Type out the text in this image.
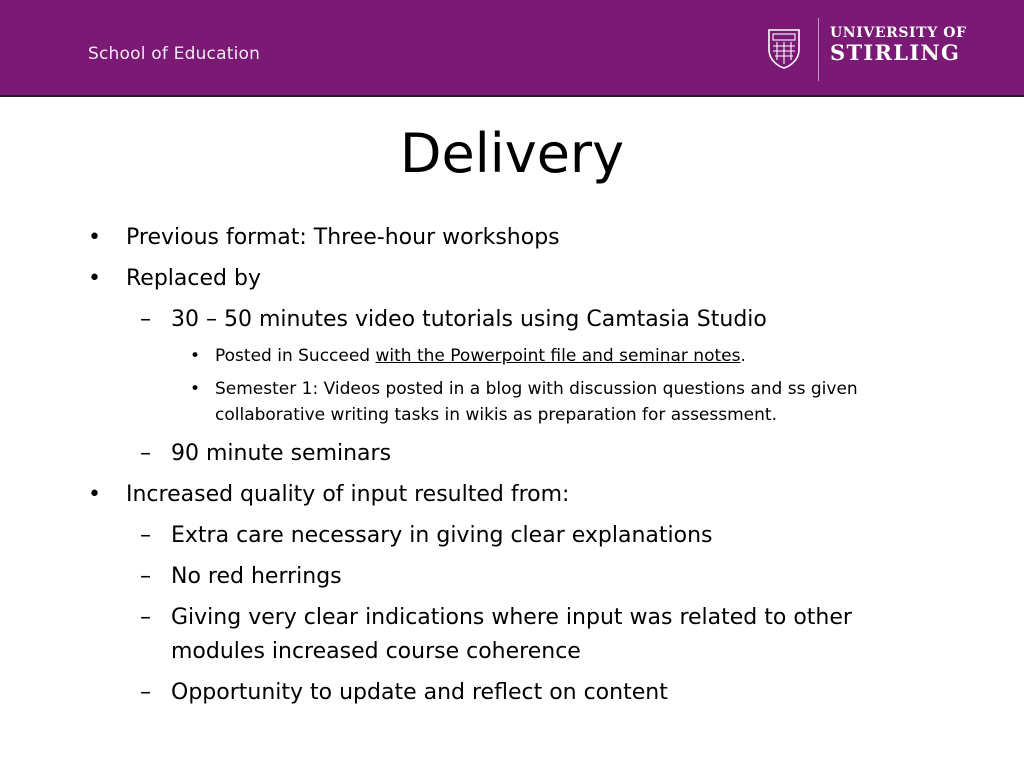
School of Education
UNIVERSITY OF
STIRLING
Delivery
• Previous format: Three-hour workshops
• Replaced by
– 30 – 50 minutes video tutorials using Camtasia Studio
• Posted in Succeed with the Powerpoint file and seminar notes.
• Semester 1: Videos posted in a blog with discussion questions and ss given collaborative writing tasks in wikis as preparation for assessment.
– 90 minute seminars
• Increased quality of input resulted from:
– Extra care necessary in giving clear explanations
– No red herrings
– Giving very clear indications where input was related to other modules increased course coherence
– Opportunity to update and reflect on content
